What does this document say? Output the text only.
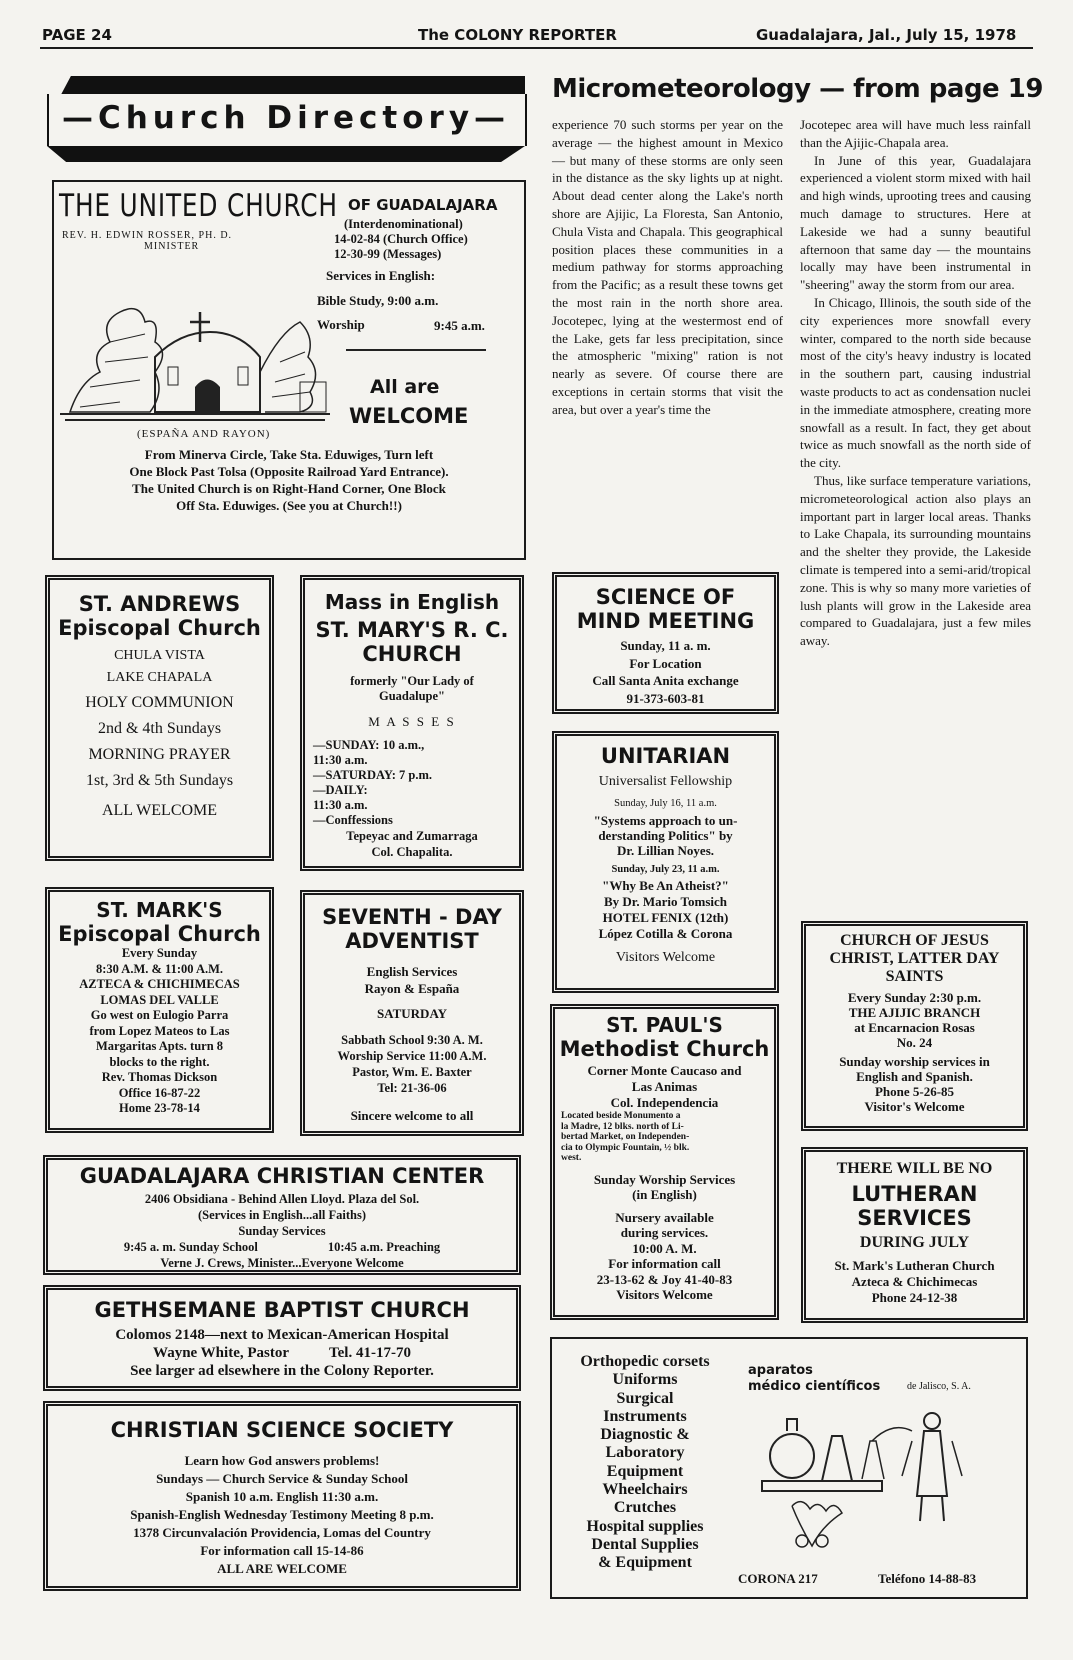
PAGE 24	The COLONY REPORTER	Guadalajara, Jal., July 15, 1978
—Church Directory—
THE UNITED CHURCH OF GUADALAJARA
(Interdenominational)
14-02-84 (Church Office)
12-30-99 (Messages)
REV. H. EDWIN ROSSER, PH. D.
MINISTER
Services in English:
Bible Study, 9:00 a.m.
Worship	9:45 a.m.
All are
WELCOME
(ESPAÑA AND RAYON)
From Minerva Circle, Take Sta. Eduwiges, Turn left
One Block Past Tolsa (Opposite Railroad Yard Entrance).
The United Church is on Right-Hand Corner, One Block
Off Sta. Eduwiges. (See you at Church!!)
ST. ANDREWS
Episcopal Church
CHULA VISTA
LAKE CHAPALA
HOLY COMMUNION
2nd & 4th Sundays
MORNING PRAYER
1st, 3rd & 5th Sundays
ALL WELCOME
Mass in English
ST. MARY'S R. C.
CHURCH
formerly "Our Lady of
Guadalupe"
M A S S E S
—SUNDAY: 10 a.m.,
11:30 a.m.
—SATURDAY: 7 p.m.
—DAILY:
11:30 a.m.
—Conffessions
Tepeyac and Zumarraga
Col. Chapalita.
ST. MARK'S
Episcopal Church
Every Sunday
8:30 A.M. & 11:00 A.M.
AZTECA & CHICHIMECAS
LOMAS DEL VALLE
Go west on Eulogio Parra
from Lopez Mateos to Las
Margaritas Apts. turn 8
blocks to the right.
Rev. Thomas Dickson
Office 16-87-22
Home 23-78-14
SEVENTH - DAY
ADVENTIST
English Services
Rayon & España
SATURDAY
Sabbath School 9:30 A. M.
Worship Service 11:00 A.M.
Pastor, Wm. E. Baxter
Tel: 21-36-06
Sincere welcome to all
GUADALAJARA CHRISTIAN CENTER
2406 Obsidiana - Behind Allen Lloyd. Plaza del Sol.
(Services in English...all Faiths)
Sunday Services
9:45 a. m. Sunday School	10:45 a.m. Preaching
Verne J. Crews, Minister...Everyone Welcome
GETHSEMANE BAPTIST CHURCH
Colomos 2148—next to Mexican-American Hospital
Wayne White, Pastor	Tel. 41-17-70
See larger ad elsewhere in the Colony Reporter.
CHRISTIAN SCIENCE SOCIETY
Learn how God answers problems!
Sundays — Church Service & Sunday School
Spanish 10 a.m. English 11:30 a.m.
Spanish-English Wednesday Testimony Meeting 8 p.m.
1378 Circunvalación Providencia, Lomas del Country
For information call 15-14-86
ALL ARE WELCOME
Micrometeorology — from page 19

experience 70 such storms per year on the average — the highest amount in Mexico — but many of these storms are only seen in the distance as the sky lights up at night. About dead center along the Lake's north shore are Ajijic, La Floresta, San Antonio, Chula Vista and Chapala. This geographical position places these communities in a medium pathway for storms approaching from the Pacific; as a result these towns get the most rain in the north shore area. Jocotepec, lying at the westermost end of the Lake, gets far less precipitation, since the atmospheric "mixing" ration is not nearly as severe. Of course there are exceptions in certain storms that visit the area, but over a year's time the

Jocotepec area will have much less rainfall than the Ajijic-Chapala area.

In June of this year, Guadalajara experienced a violent storm mixed with hail and high winds, uprooting trees and causing much damage to structures. Here at Lakeside we had a sunny beautiful afternoon that same day — the mountains locally may have been instrumental in "sheering" away the storm from our area.

In Chicago, Illinois, the south side of the city experiences more snowfall every winter, compared to the north side because most of the city's heavy industry is located in the southern part, causing industrial waste products to act as condensation nuclei in the immediate atmosphere, creating more snowfall as a result. In fact, they get about twice as much snowfall as the north side of the city.

Thus, like surface temperature variations, micrometeorological action also plays an important part in larger local areas. Thanks to Lake Chapala, its surrounding mountains and the shelter they provide, the Lakeside climate is tempered into a semi-arid/tropical zone. This is why so many more varieties of lush plants will grow in the Lakeside area compared to Guadalajara, just a few miles away.

SCIENCE OF
MIND MEETING
Sunday, 11 a. m.
For Location
Call Santa Anita exchange
91-373-603-81
UNITARIAN
Universalist Fellowship
Sunday, July 16, 11 a.m.
"Systems approach to un-
derstanding Politics" by
Dr. Lillian Noyes.
Sunday, July 23, 11 a.m.
"Why Be An Atheist?"
By Dr. Mario Tomsich
HOTEL FENIX (12th)
López Cotilla & Corona
Visitors Welcome
ST. PAUL'S
Methodist Church
Corner Monte Caucaso and
Las Animas
Col. Independencia
Located beside Monumento a
la Madre, 12 blks. north of Li-
bertad Market, on Independen-
cia to Olympic Fountain, ½ blk.
west.
Sunday Worship Services
(in English)
Nursery available
during services.
10:00 A. M.
For information call
23-13-62 & Joy 41-40-83
Visitors Welcome
CHURCH OF JESUS
CHRIST, LATTER DAY
SAINTS
Every Sunday 2:30 p.m.
THE AJIJIC BRANCH
at Encarnacion Rosas
No. 24
Sunday worship services in
English and Spanish.
Phone 5-26-85
Visitor's Welcome
THERE WILL BE NO
LUTHERAN
SERVICES
DURING JULY
St. Mark's Lutheran Church
Azteca & Chichimecas
Phone 24-12-38
Orthopedic corsets
Uniforms
Surgical
Instruments
Diagnostic &
Laboratory
Equipment
Wheelchairs
Crutches
Hospital supplies
Dental Supplies
& Equipment
aparatos
médico científicos	de Jalisco, S. A.
CORONA 217	Teléfono 14-88-83
